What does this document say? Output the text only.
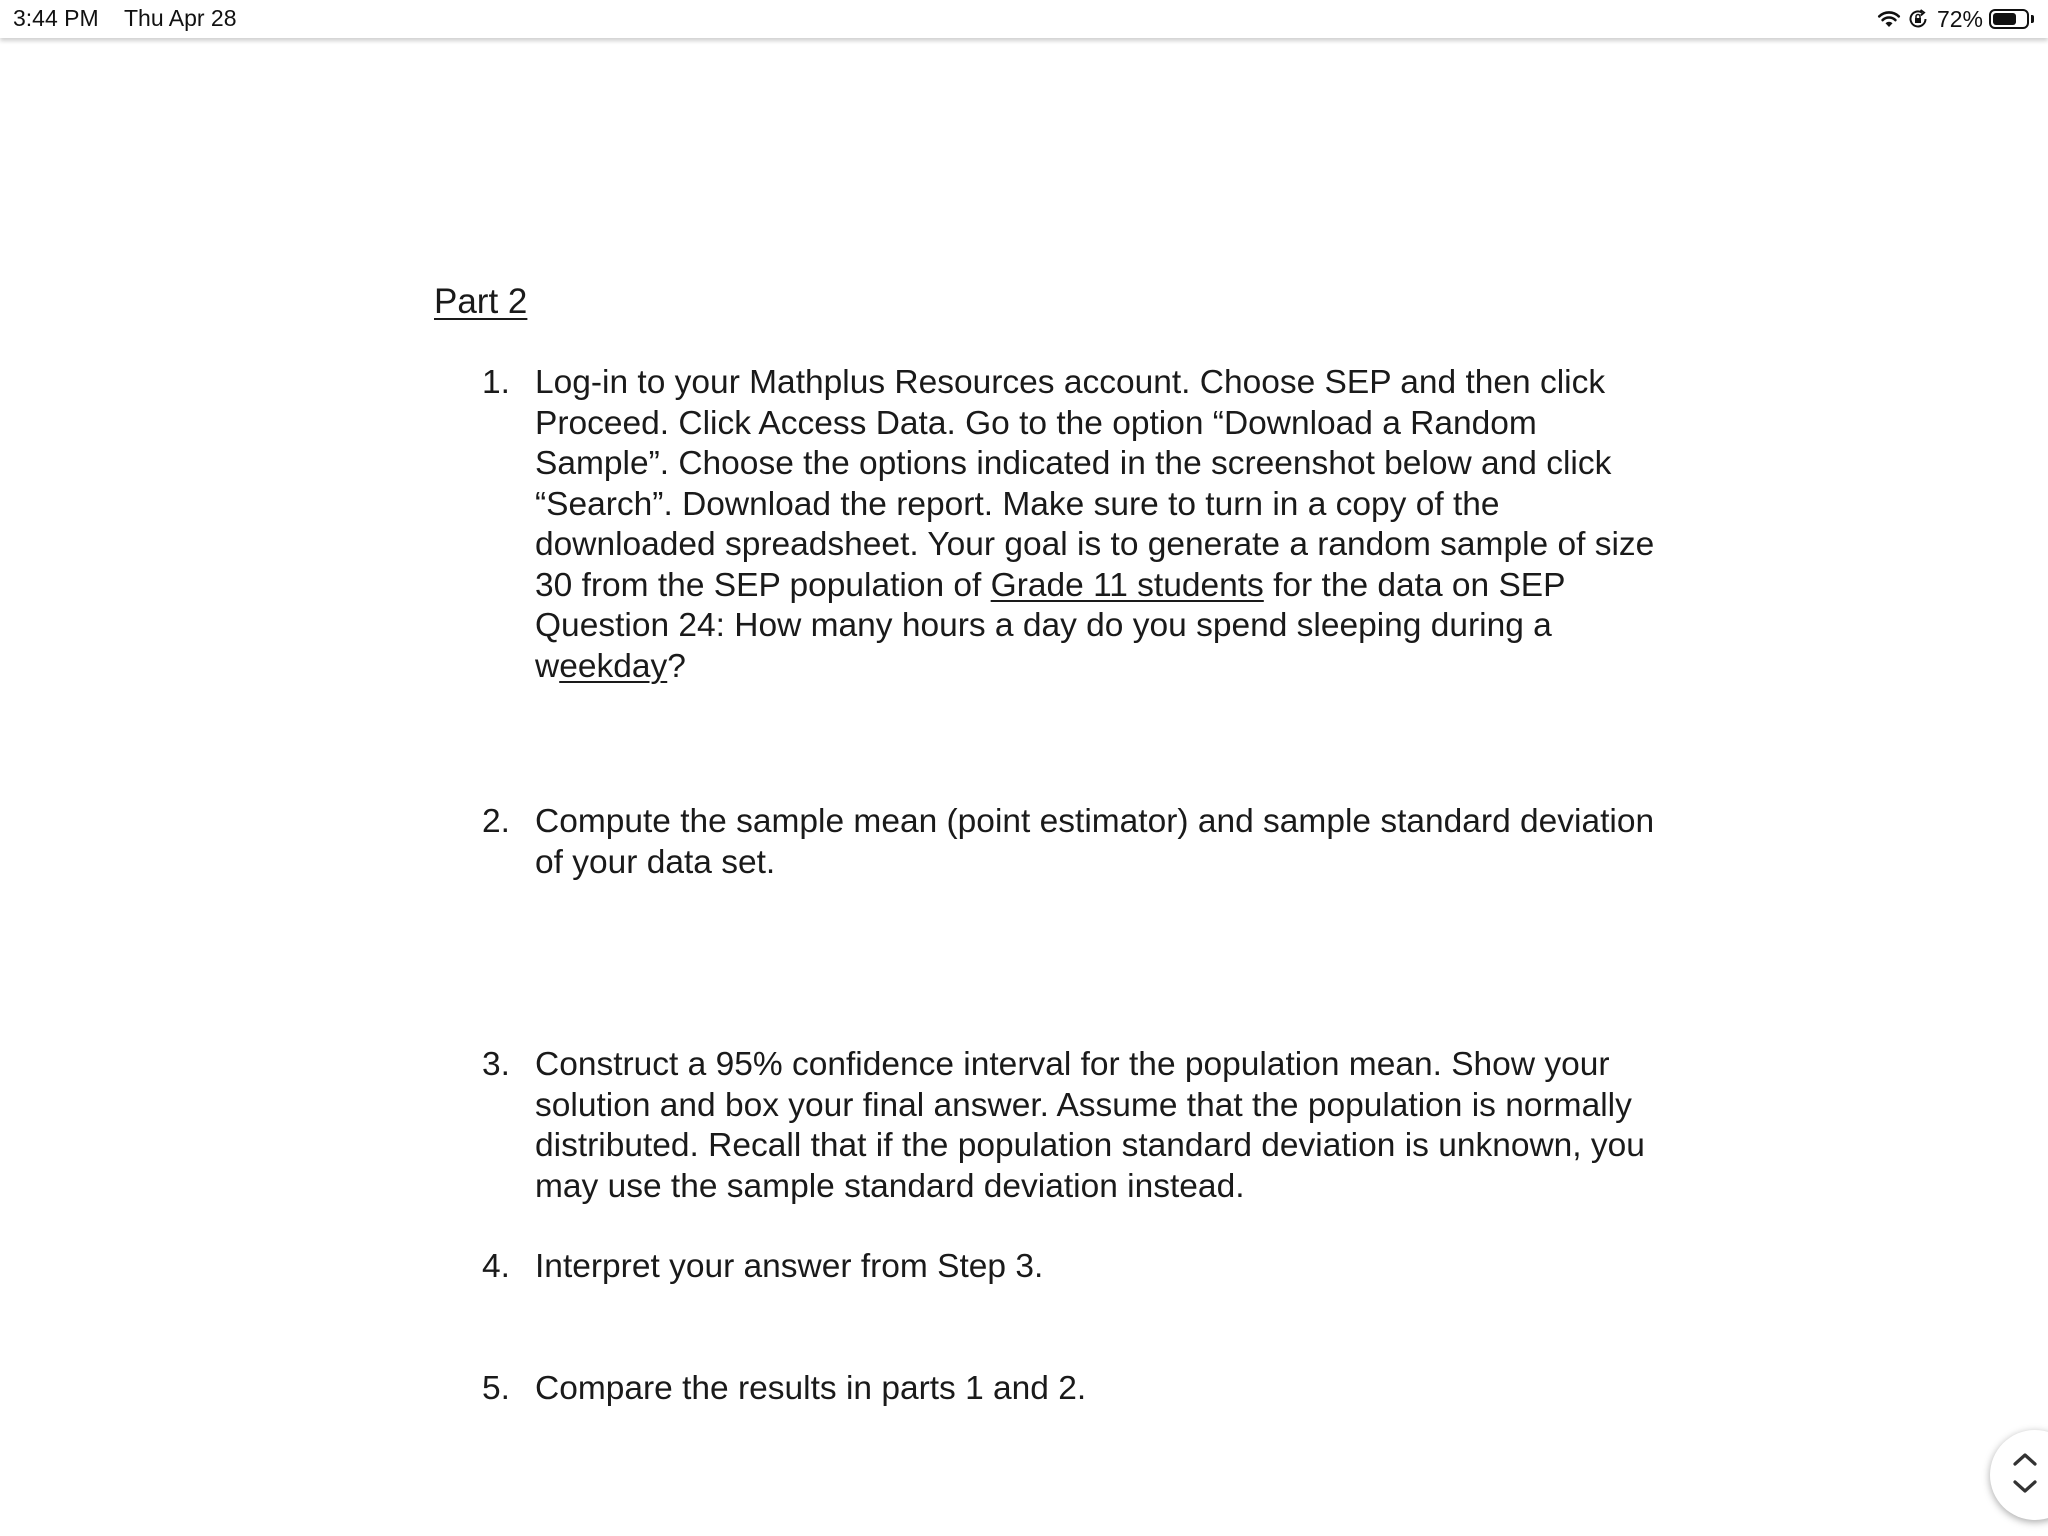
3:44 PM Thu Apr 28	72%
Part 2
1. Log-in to your Mathplus Resources account. Choose SEP and then click Proceed. Click Access Data. Go to the option “Download a Random Sample”. Choose the options indicated in the screenshot below and click “Search”. Download the report. Make sure to turn in a copy of the downloaded spreadsheet. Your goal is to generate a random sample of size 30 from the SEP population of Grade 11 students for the data on SEP Question 24: How many hours a day do you spend sleeping during a weekday?
2. Compute the sample mean (point estimator) and sample standard deviation of your data set.
3. Construct a 95% confidence interval for the population mean. Show your solution and box your final answer. Assume that the population is normally distributed. Recall that if the population standard deviation is unknown, you may use the sample standard deviation instead.
4. Interpret your answer from Step 3.
5. Compare the results in parts 1 and 2.
